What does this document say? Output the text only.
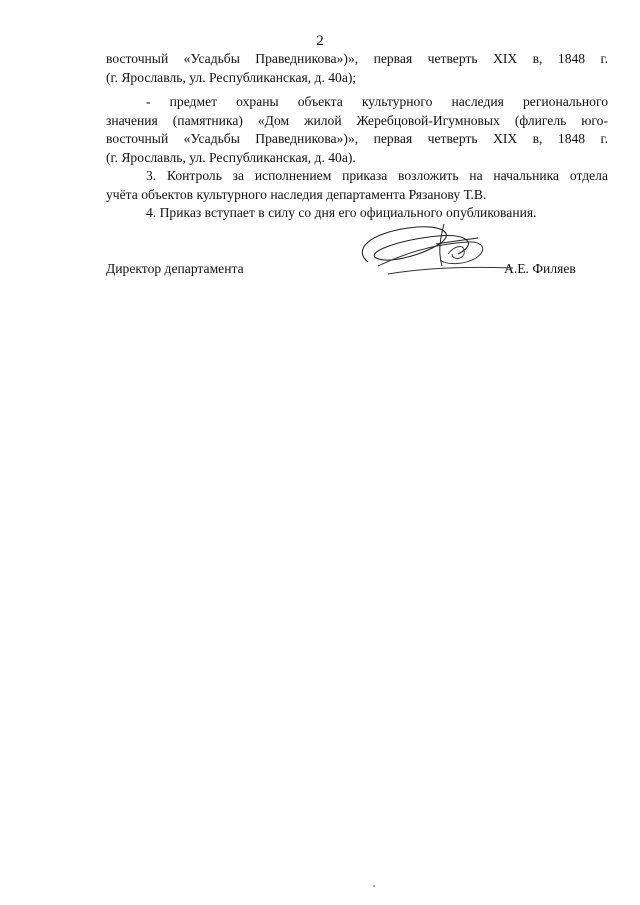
2
восточный «Усадьбы Праведникова»)», первая четверть XIX в, 1848 г.
(г. Ярославль, ул. Республиканская, д. 40а);
- предмет охраны объекта культурного наследия регионального
значения (памятника) «Дом жилой Жеребцовой-Игумновых (флигель юго-
восточный «Усадьбы Праведникова»)», первая четверть XIX в, 1848 г.
(г. Ярославль, ул. Республиканская, д. 40а).
3. Контроль за исполнением приказа возложить на начальника отдела
учёта объектов культурного наследия департамента Рязанову Т.В.
4. Приказ вступает в силу со дня его официального опубликования.
Директор департамента	А.Е. Филяев
